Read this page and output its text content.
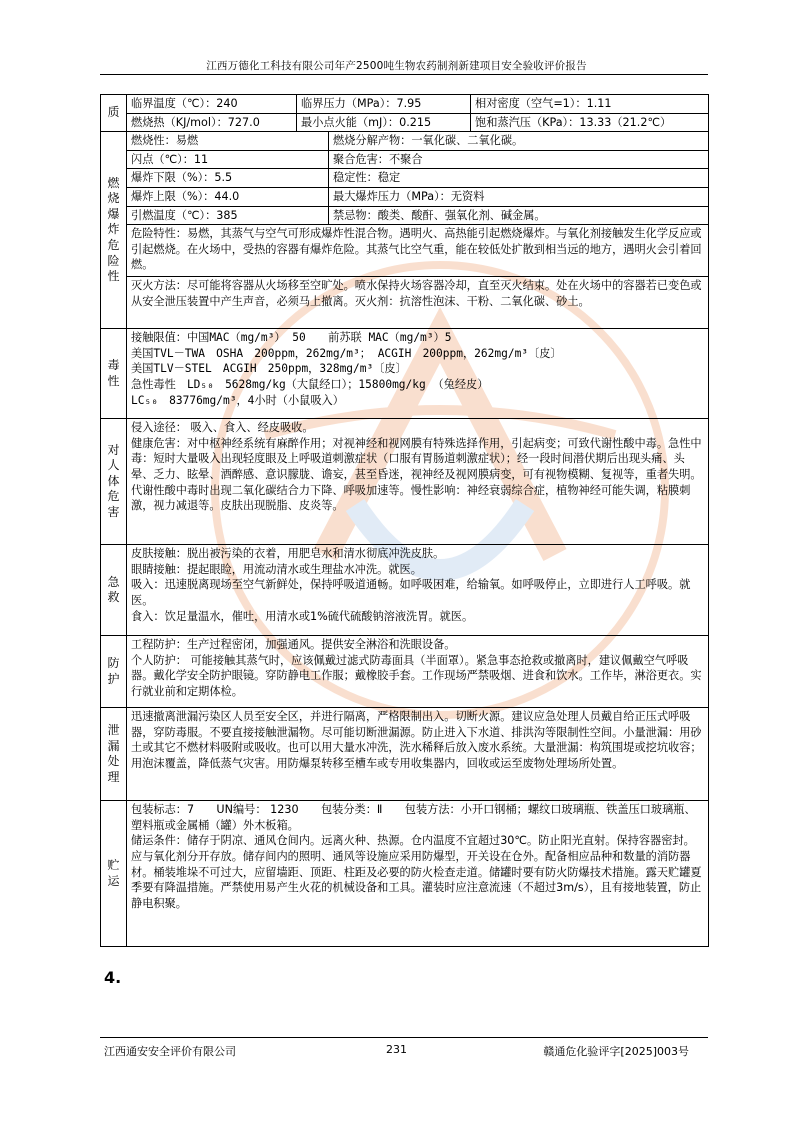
江西万德化工科技有限公司年产2500吨生物农药制剂新建项目安全验收评价报告
质	临界温度（℃）：240	临界压力（MPa）：7.95		相对密度（空气=1）：1.11
	燃烧热（KJ/mol）：727.0	最小点火能（mJ）：0.215		饱和蒸汽压（KPa）：13.33（21.2℃）

燃烧爆炸危险性	燃烧性：易燃		燃烧分解产物：一氧化碳、二氧化碳。	
	闪点（℃）：11		聚合危害：不聚合	
	爆炸下限（%）：5.5		稳定性：稳定	
	爆炸上限（%）：44.0		最大爆炸压力（MPa）：无资料	
	引燃温度（℃）：385		禁忌物：酸类、酸酐、强氧化剂、碱金属。	
	危险特性：易燃，其蒸气与空气可形成爆炸性混合物。遇明火、高热能引起燃烧爆炸。与氧化剂接触发生化学反应或引起燃烧。在火场中，受热的容器有爆炸危险。其蒸气比空气重，能在较低处扩散到相当远的地方，遇明火会引着回燃。			
	灭火方法：尽可能将容器从火场移至空旷处。喷水保持火场容器冷却，直至灭火结束。处在火场中的容器若已变色或从安全泄压装置中产生声音，必须马上撤离。灭火剂：抗溶性泡沫、干粉、二氧化碳、砂土。			

毒性	接触限值：中国MAC（mg/m³） 50　　前苏联 MAC（mg/m³）5
美国TVL－TWA　OSHA　200ppm，262mg/m³； ACGIH　200ppm，262mg/m³〔皮〕
美国TLV－STEL　ACGIH　250ppm，328mg/m³〔皮〕
急性毒性　LD₅₀　5628mg/kg（大鼠经口）；15800mg/kg （兔经皮）
LC₅₀　83776mg/m³，4小时（小鼠吸入）			

对人体危害	侵入途径： 吸入、食入、经皮吸收。
健康危害：对中枢神经系统有麻醉作用；对视神经和视网膜有特殊选择作用，引起病变；可致代谢性酸中毒。急性中毒：短时大量吸入出现轻度眼及上呼吸道刺激症状（口服有胃肠道刺激症状）；经一段时间潜伏期后出现头痛、头晕、乏力、眩晕、酒醉感、意识朦胧、谵妄，甚至昏迷，视神经及视网膜病变，可有视物模糊、复视等，重者失明。代谢性酸中毒时出现二氧化碳结合力下降、呼吸加速等。慢性影响：神经衰弱综合症，植物神经可能失调，粘膜刺激，视力减退等。皮肤出现脱脂、皮炎等。			

急救	皮肤接触：脱出被污染的衣着，用肥皂水和清水彻底冲洗皮肤。
眼睛接触：提起眼睑，用流动清水或生理盐水冲洗。就医。
吸入：迅速脱离现场至空气新鲜处，保持呼吸道通畅。如呼吸困难，给输氧。如呼吸停止，立即进行人工呼吸。就医。
食入：饮足量温水，催吐，用清水或1%硫代硫酸钠溶液洗胃。就医。			

防护	工程防护：生产过程密闭，加强通风。提供安全淋浴和洗眼设备。
个人防护： 可能接触其蒸气时，应该佩戴过滤式防毒面具（半面罩）。紧急事态抢救或撤离时，建议佩戴空气呼吸器。戴化学安全防护眼镜。穿防静电工作服；戴橡胶手套。工作现场严禁吸烟、进食和饮水。工作毕，淋浴更衣。实行就业前和定期体检。			

泄漏处理	迅速撤离泄漏污染区人员至安全区，并进行隔离，严格限制出入。切断火源。建议应急处理人员戴自给正压式呼吸器，穿防毒服。不要直接接触泄漏物。尽可能切断泄漏源。防止进入下水道、排洪沟等限制性空间。小量泄漏：用砂土或其它不燃材料吸附或吸收。也可以用大量水冲洗，洗水稀释后放入废水系统。大量泄漏：构筑围堤或挖坑收容；用泡沫覆盖，降低蒸气灾害。用防爆泵转移至槽车或专用收集器内，回收或运至废物处理场所处置。			

贮运	包装标志：7　　UN编号： 1230　　包装分类：Ⅱ　　包装方法：小开口钢桶；螺纹口玻璃瓶、铁盖压口玻璃瓶、塑料瓶或金属桶（罐）外木板箱。
储运条件：储存于阴凉、通风仓间内。远离火种、热源。仓内温度不宜超过30℃。防止阳光直射。保持容器密封。应与氧化剂分开存放。储存间内的照明、通风等设施应采用防爆型，开关设在仓外。配备相应品种和数量的消防器材。桶装堆垛不可过大，应留墙距、顶距、柱距及必要的防火检查走道。储罐时要有防火防爆技术措施。露天贮罐夏季要有降温措施。严禁使用易产生火花的机械设备和工具。灌装时应注意流速（不超过3m/s），且有接地装置，防止静电积聚。			
4.
江西通安安全评价有限公司	231	赣通危化验评字[2025]003号
